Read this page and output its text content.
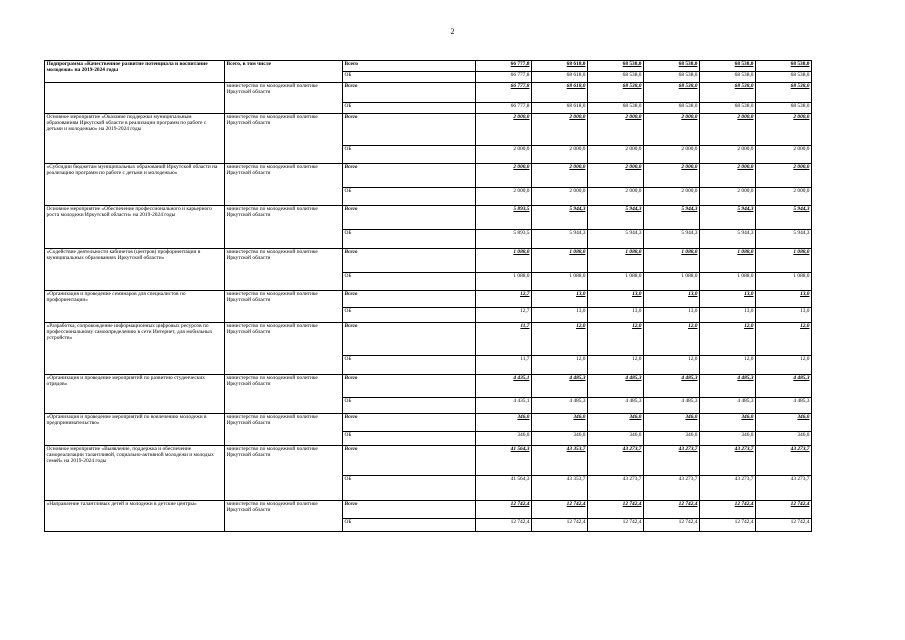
2
Подпрограмма «Качественное развитие потенциала и воспитание молодежи» на 2019-2024 годы	Всего, в том числе	Всего	66 777,8	68 618,0	68 538,0	68 538,0	68 538,0	68 538,0
		ОБ	66 777,8	68 618,0	68 538,0	68 538,0	68 538,0	68 538,0
	министерство по молодежной политике Иркутской области	Всего	66 777,8	68 618,0	68 538,0	68 538,0	68 538,0	68 538,0
		ОБ	66 777,8	68 618,0	68 538,0	68 538,0	68 538,0	68 538,0
Основное мероприятие «Оказание поддержки муниципальным образованиям Иркутской области в реализации программ по работе с детьми и молодежью» на 2019-2024 годы	министерство по молодежной политике Иркутской области	Всего	2 000,0	2 000,0	2 000,0	2 000,0	2 000,0	2 000,0
		ОБ	2 000,0	2 000,0	2 000,0	2 000,0	2 000,0	2 000,0
«Субсидии бюджетам муниципальных образований Иркутской области на реализацию программ по работе с детьми и молодежью»	министерство по молодежной политике Иркутской области	Всего	2 000,0	2 000,0	2 000,0	2 000,0	2 000,0	2 000,0
		ОБ	2 000,0	2 000,0	2 000,0	2 000,0	2 000,0	2 000,0
Основное мероприятие «Обеспечение профессионального и карьерного роста молодежи Иркутской области» на 2019-2024 годы	министерство по молодежной политике Иркутской области	Всего	5 893,5	5 944,3	5 944,3	5 944,3	5 944,3	5 944,3
		ОБ	5 893,5	5 944,3	5 944,3	5 944,3	5 944,3	5 944,3
«Содействие деятельности кабинетов (центров) профориентации в муниципальных образованиях Иркутской области»	министерство по молодежной политике Иркутской области	Всего	1 088,0	1 088,0	1 088,0	1 088,0	1 088,0	1 088,0
		ОБ	1 088,0	1 088,0	1 088,0	1 088,0	1 088,0	1 088,0
«Организация и проведение семинаров для специалистов по профориентации»	министерство по молодежной политике Иркутской области	Всего	12,7	13,0	13,0	13,0	13,0	13,0
		ОБ	12,7	13,0	13,0	13,0	13,0	13,0
«Разработка, сопровождение информационных цифровых ресурсов по профессиональному самоопределению в сети Интернет, для мобильных устройств»	министерство по молодежной политике Иркутской области	Всего	11,7	12,0	12,0	12,0	12,0	12,0
		ОБ	11,7	12,0	12,0	12,0	12,0	12,0
«Организация и проведение мероприятий по развитию студенческих отрядов»	министерство по молодежной политике Иркутской области	Всего	4 435,1	4 485,3	4 485,3	4 485,3	4 485,3	4 485,3
		ОБ	4 435,1	4 485,3	4 485,3	4 485,3	4 485,3	4 485,3
«Организация и проведение мероприятий по вовлечению молодежи в предпринимательство»	министерство по молодежной политике Иркутской области	Всего	346,0	346,0	346,0	346,0	346,0	346,0
		ОБ	346,0	346,0	346,0	346,0	346,0	346,0
Основное мероприятие «Выявление, поддержка и обеспечение самореализации талантливой, социально-активной молодежи и молодых семей» на 2019-2024 годы	министерство по молодежной политике Иркутской области	Всего	41 564,3	43 353,7	43 273,7	43 273,7	43 273,7	43 273,7
		ОБ	41 564,3	43 353,7	43 273,7	43 273,7	43 273,7	43 273,7
«Направление талантливых детей и молодежи в детские центры»	министерство по молодежной политике Иркутской области	Всего	12 742,4	12 742,4	12 742,4	12 742,4	12 742,4	12 742,4
		ОБ	12 742,4	12 742,4	12 742,4	12 742,4	12 742,4	12 742,4
